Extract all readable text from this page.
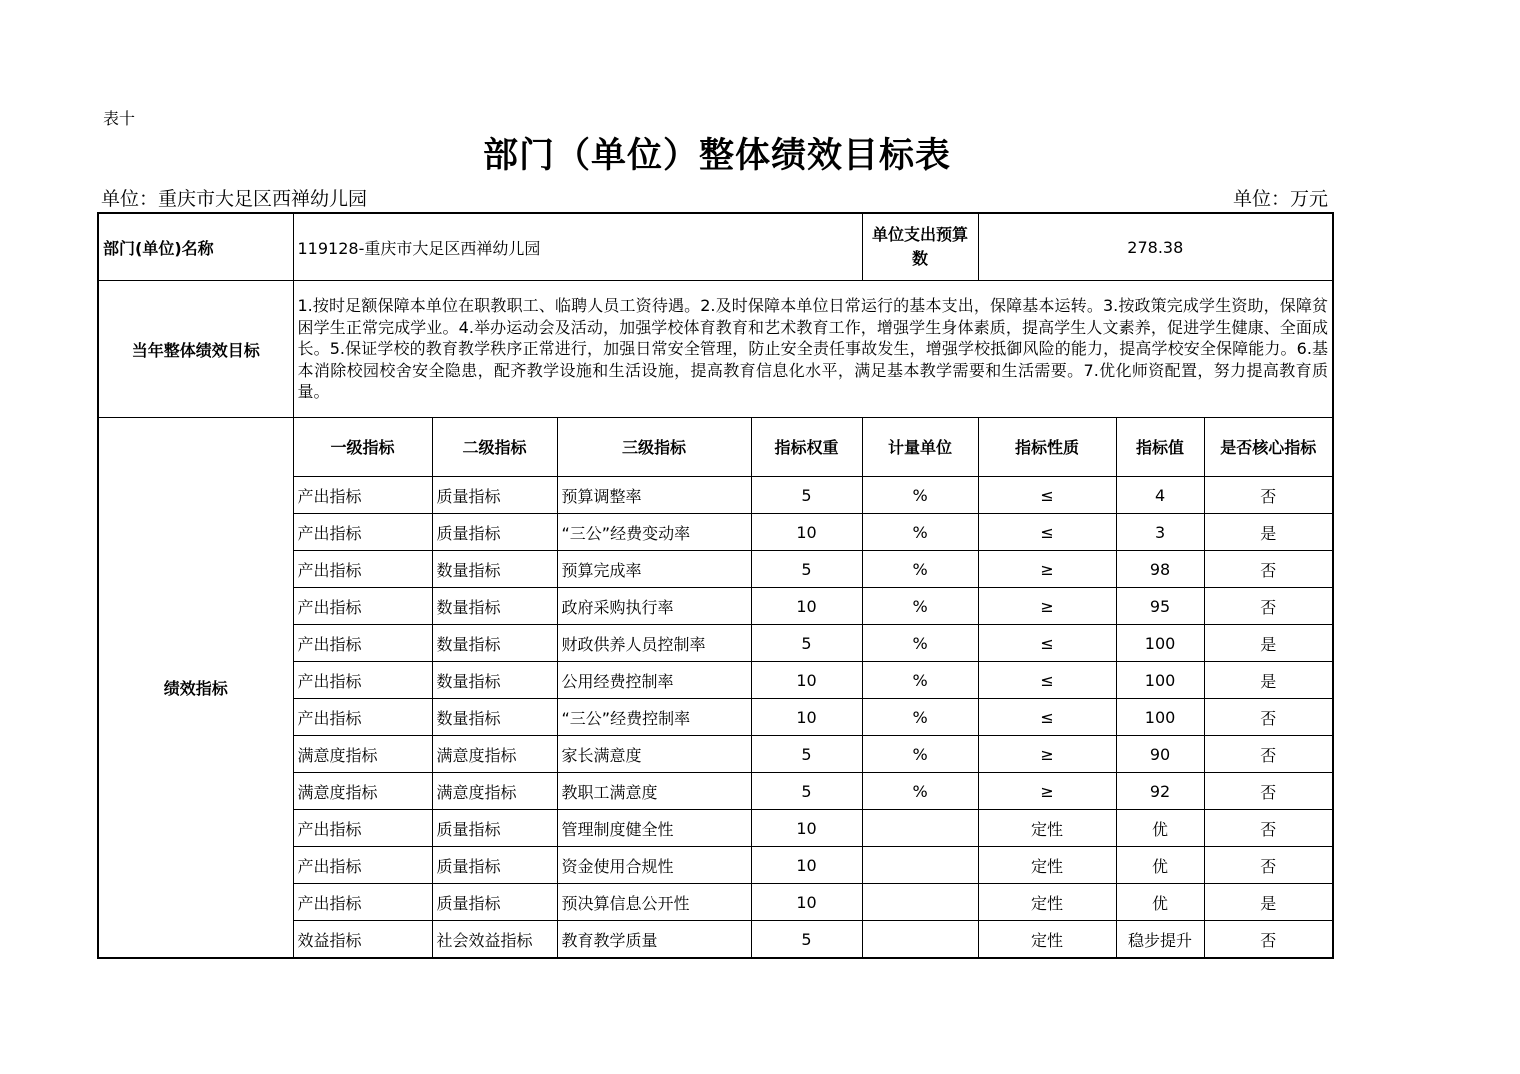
表十
部门（单位）整体绩效目标表
单位：重庆市大足区西禅幼儿园	单位：万元
部门(单位)名称	119128-重庆市大足区西禅幼儿园				单位支出预算数	278.38		
当年整体绩效目标	1.按时足额保障本单位在职教职工、临聘人员工资待遇。2.及时保障本单位日常运行的基本支出，保障基本运转。3.按政策完成学生资助，保障贫困学生正常完成学业。4.举办运动会及活动，加强学校体育教育和艺术教育工作，增强学生身体素质，提高学生人文素养，促进学生健康、全面成长。5.保证学校的教育教学秩序正常进行，加强日常安全管理，防止安全责任事故发生，增强学校抵御风险的能力，提高学校安全保障能力。6.基本消除校园校舍安全隐患，配齐教学设施和生活设施，提高教育信息化水平，满足基本教学需要和生活需要。7.优化师资配置，努力提高教育质量。							
绩效指标	一级指标	二级指标	三级指标	指标权重	计量单位	指标性质	指标值	是否核心指标
	产出指标	质量指标	预算调整率	5	%	≤	4	否
	产出指标	质量指标	“三公”经费变动率	10	%	≤	3	是
	产出指标	数量指标	预算完成率	5	%	≥	98	否
	产出指标	数量指标	政府采购执行率	10	%	≥	95	否
	产出指标	数量指标	财政供养人员控制率	5	%	≤	100	是
	产出指标	数量指标	公用经费控制率	10	%	≤	100	是
	产出指标	数量指标	“三公”经费控制率	10	%	≤	100	否
	满意度指标	满意度指标	家长满意度	5	%	≥	90	否
	满意度指标	满意度指标	教职工满意度	5	%	≥	92	否
	产出指标	质量指标	管理制度健全性	10		定性	优	否
	产出指标	质量指标	资金使用合规性	10		定性	优	否
	产出指标	质量指标	预决算信息公开性	10		定性	优	是
	效益指标	社会效益指标	教育教学质量	5		定性	稳步提升	否
